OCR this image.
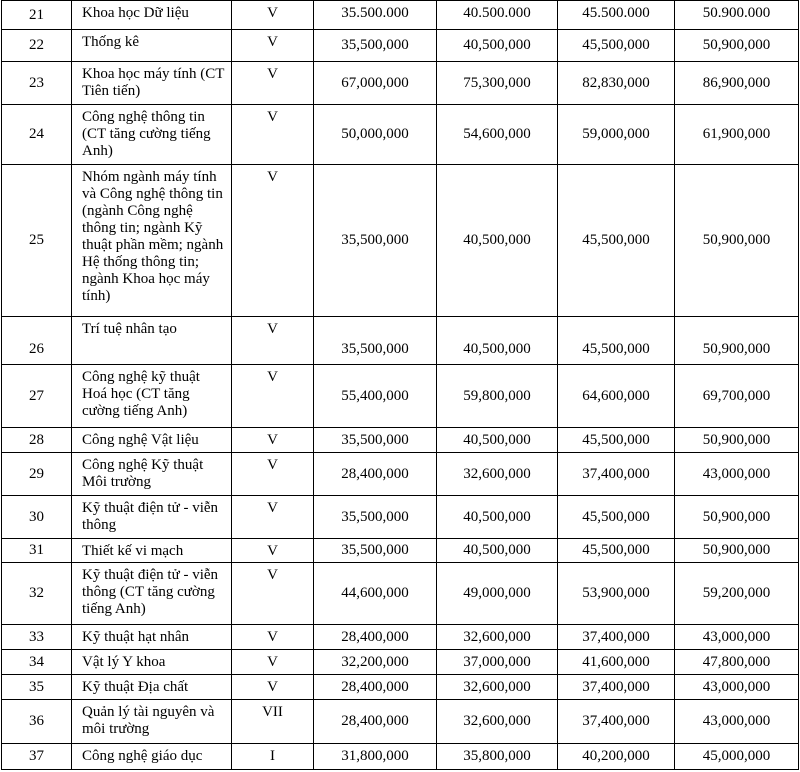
21	Khoa học Dữ liệu	V	35.500.000	40.500.000	45.500.000	50.900.000
22	Thống kê	V	35,500,000	40,500,000	45,500,000	50,900,000
23	Khoa học máy tính (CT Tiên tiến)	V	67,000,000	75,300,000	82,830,000	86,900,000
24	Công nghệ thông tin (CT tăng cường tiếng Anh)	V	50,000,000	54,600,000	59,000,000	61,900,000
25	Nhóm ngành máy tính và Công nghệ thông tin (ngành Công nghệ thông tin; ngành Kỹ thuật phần mềm; ngành Hệ thống thông tin; ngành Khoa học máy tính)	V	35,500,000	40,500,000	45,500,000	50,900,000
26	Trí tuệ nhân tạo	V	35,500,000	40,500,000	45,500,000	50,900,000
27	Công nghệ kỹ thuật Hoá học (CT tăng cường tiếng Anh)	V	55,400,000	59,800,000	64,600,000	69,700,000
28	Công nghệ Vật liệu	V	35,500,000	40,500,000	45,500,000	50,900,000
29	Công nghệ Kỹ thuật Môi trường	V	28,400,000	32,600,000	37,400,000	43,000,000
30	Kỹ thuật điện tử - viễn thông	V	35,500,000	40,500,000	45,500,000	50,900,000
31	Thiết kế vi mạch	V	35,500,000	40,500,000	45,500,000	50,900,000
32	Kỹ thuật điện tử - viễn thông (CT tăng cường tiếng Anh)	V	44,600,000	49,000,000	53,900,000	59,200,000
33	Kỹ thuật hạt nhân	V	28,400,000	32,600,000	37,400,000	43,000,000
34	Vật lý Y khoa	V	32,200,000	37,000,000	41,600,000	47,800,000
35	Kỹ thuật Địa chất	V	28,400,000	32,600,000	37,400,000	43,000,000
36	Quản lý tài nguyên và môi trường	VII	28,400,000	32,600,000	37,400,000	43,000,000
37	Công nghệ giáo dục	I	31,800,000	35,800,000	40,200,000	45,000,000
